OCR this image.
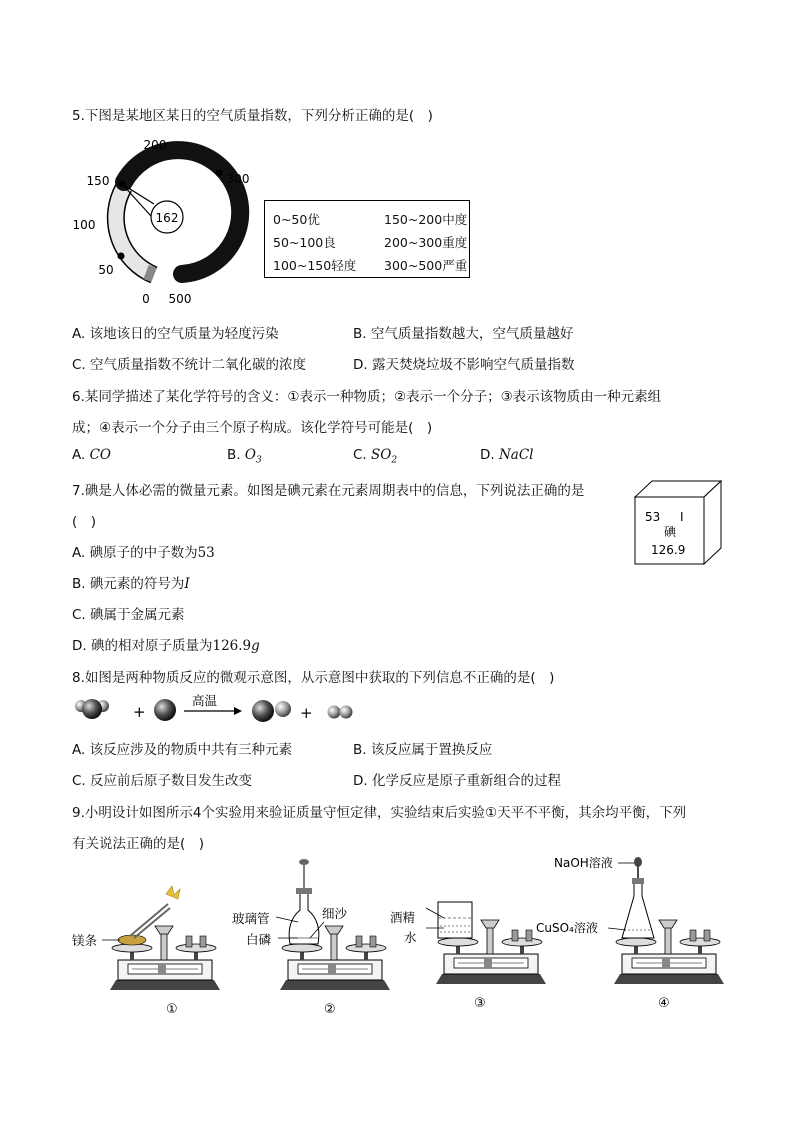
5.下图是某地区某日的空气质量指数，下列分析正确的是(　)
162
200
300
150
100
50
0 500
0~50优	150~200中度
50~100良	200~300重度
100~150轻度 300~500严重
A. 该地该日的空气质量为轻度污染	B. 空气质量指数越大，空气质量越好
C. 空气质量指数不统计二氧化碳的浓度	D. 露天焚烧垃圾不影响空气质量指数
6.某同学描述了某化学符号的含义：①表示一种物质；②表示一个分子；③表示该物质由一种元素组
成；④表示一个分子由三个原子构成。该化学符号可能是(　)
A. CO	B. $O_3$	C. $SO_2$	D. NaCl
7.碘是人体必需的微量元素。如图是碘元素在元素周期表中的信息，下列说法正确的是
(　)	53 I
碘
126.9
A. 碘原子的中子数为53
B. 碘元素的符号为I
C. 碘属于金属元素
D. 碘的相对原子质量为126.9g
8.如图是两种物质反应的微观示意图，从示意图中获取的下列信息不正确的是(　)
+
高温
+
A. 该反应涉及的物质中共有三种元素	B. 该反应属于置换反应
C. 反应前后原子数目发生改变	D. 化学反应是原子重新组合的过程
9.小明设计如图所示4个实验用来验证质量守恒定律，实验结束后实验①天平不平衡，其余均平衡，下列
有关说法正确的是(　)
镁条
①
玻璃管	细沙
白磷
②
酒精
水
③
NaOH溶液
CuSO₄溶液
④
